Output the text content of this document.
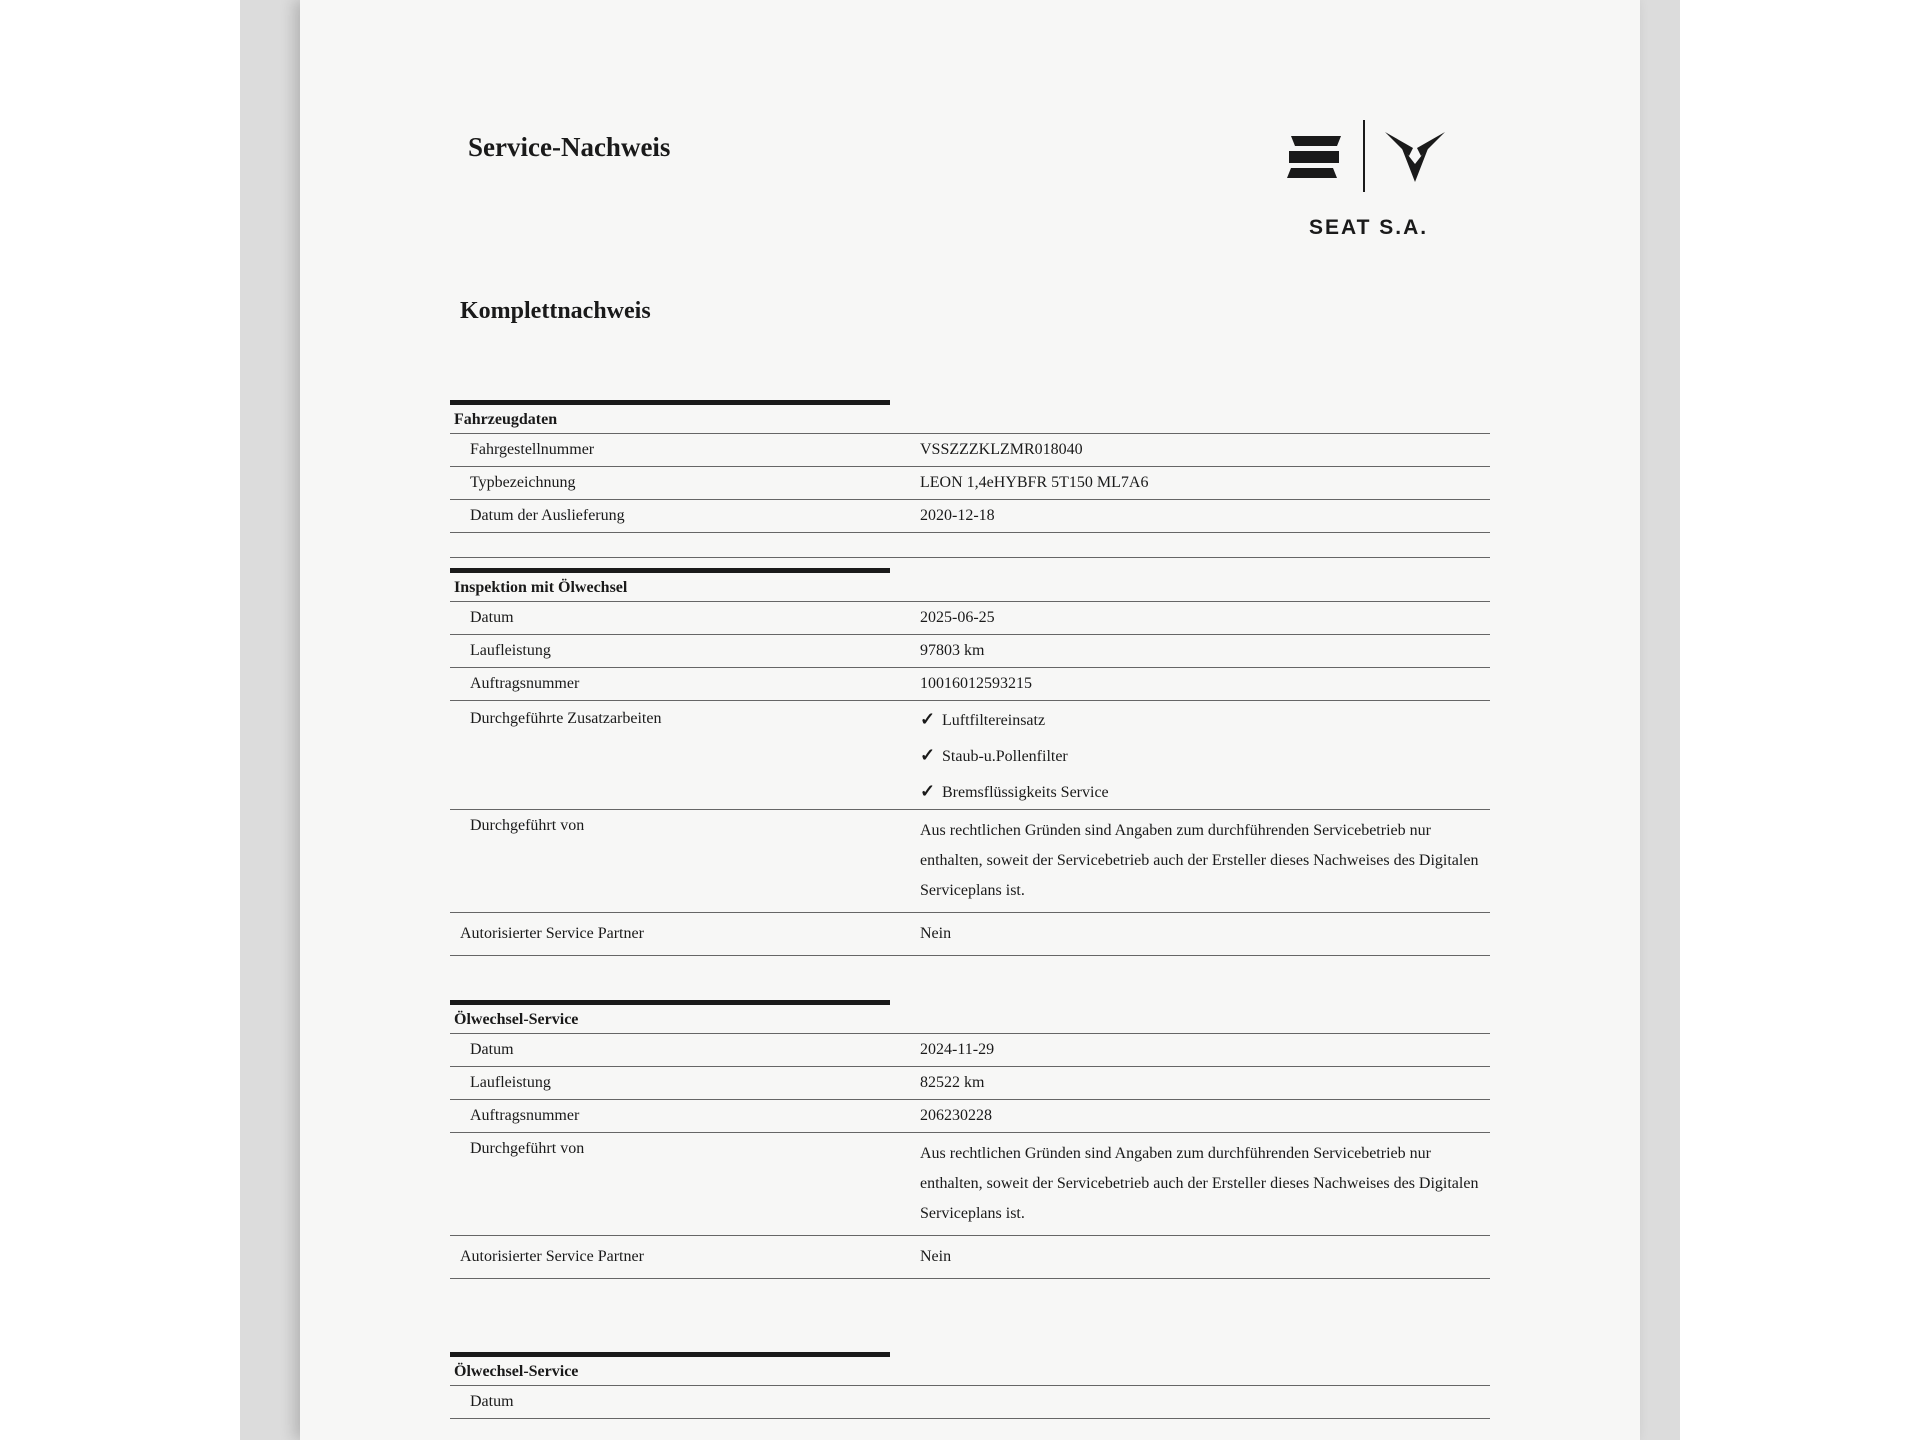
Service-Nachweis
SEAT S.A.
Komplettnachweis
Fahrzeugdaten
Fahrgestellnummer	VSSZZZKLZMR018040
Typbezeichnung	LEON 1,4eHYBFR 5T150 ML7A6
Datum der Auslieferung	2020-12-18
Inspektion mit Ölwechsel
Datum	2025-06-25
Laufleistung	97803 km
Auftragsnummer	10016012593215
Durchgeführte Zusatzarbeiten	✓ Luftfiltereinsatz
✓ Staub-u.Pollenfilter
✓ Bremsflüssigkeits Service
Durchgeführt von	Aus rechtlichen Gründen sind Angaben zum durchführenden Servicebetrieb nur enthalten, soweit der Servicebetrieb auch der Ersteller dieses Nachweises des Digitalen Serviceplans ist.
Autorisierter Service Partner	Nein
Ölwechsel-Service
Datum	2024-11-29
Laufleistung	82522 km
Auftragsnummer	206230228
Durchgeführt von	Aus rechtlichen Gründen sind Angaben zum durchführenden Servicebetrieb nur enthalten, soweit der Servicebetrieb auch der Ersteller dieses Nachweises des Digitalen Serviceplans ist.
Autorisierter Service Partner	Nein
Ölwechsel-Service
Datum
